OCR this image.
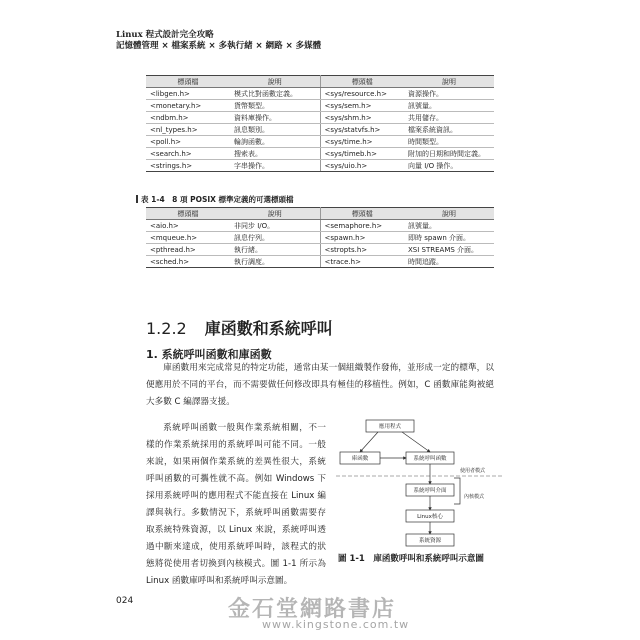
Linux 程式設計完全攻略
記憶體管理 × 檔案系統 × 多執行緒 × 網路 × 多媒體
標頭檔	說明	標頭檔	說明
<libgen.h>	模式比對函數定義。	<sys/resource.h>	資源操作。
<monetary.h>	貨幣類型。	<sys/sem.h>	訊號量。
<ndbm.h>	資料庫操作。	<sys/shm.h>	共用儲存。
<nl_types.h>	訊息類別。	<sys/statvfs.h>	檔案系統資訊。
<poll.h>	輪詢函數。	<sys/time.h>	時間類型。
<search.h>	搜索表。	<sys/timeb.h>	附加的日期和時間定義。
<strings.h>	字串操作。	<sys/uio.h>	向量 I/O 操作。
表 1-4　8 項 POSIX 標準定義的可選標頭檔
標頭檔	說明	標頭檔	說明
<aio.h>	非同步 I/O。	<semaphore.h>	訊號量。
<mqueue.h>	訊息佇列。	<spawn.h>	即時 spawn 介面。
<pthread.h>	執行緒。	<stropts.h>	XSI STREAMS 介面。
<sched.h>	執行調度。	<trace.h>	時間追蹤。
1.2.2 庫函數和系統呼叫
1. 系統呼叫函數和庫函數

庫函數用來完成常見的特定功能，通常由某一個組織製作發佈，並形成一定的標準，以便應用於不同的平台，而不需要做任何修改即具有極佳的移植性。例如，C 函數庫能夠被絕大多數 C 編譯器支援。

系統呼叫函數一般與作業系統相關，不一樣的作業系統採用的系統呼叫可能不同。一般來說，如果兩個作業系統的差異性很大，系統呼叫函數的可攜性就不高。例如 Windows 下採用系統呼叫的應用程式不能直接在 Linux 編譯與執行。多數情況下，系統呼叫函數需要存取系統特殊資源，以 Linux 來說，系統呼叫透過中斷來達成，使用系統呼叫時，該程式的狀態將從使用者切換到內核模式。圖 1-1 所示為 Linux 函數庫呼叫和系統呼叫示意圖。

應用程式
庫函數	系統呼叫函數
使用者模式
系統呼叫介面
內核模式
Linux核心
系統資源
圖 1-1　庫函數呼叫和系統呼叫示意圖
024	金石堂網路書店
www.kingstone.com.tw
